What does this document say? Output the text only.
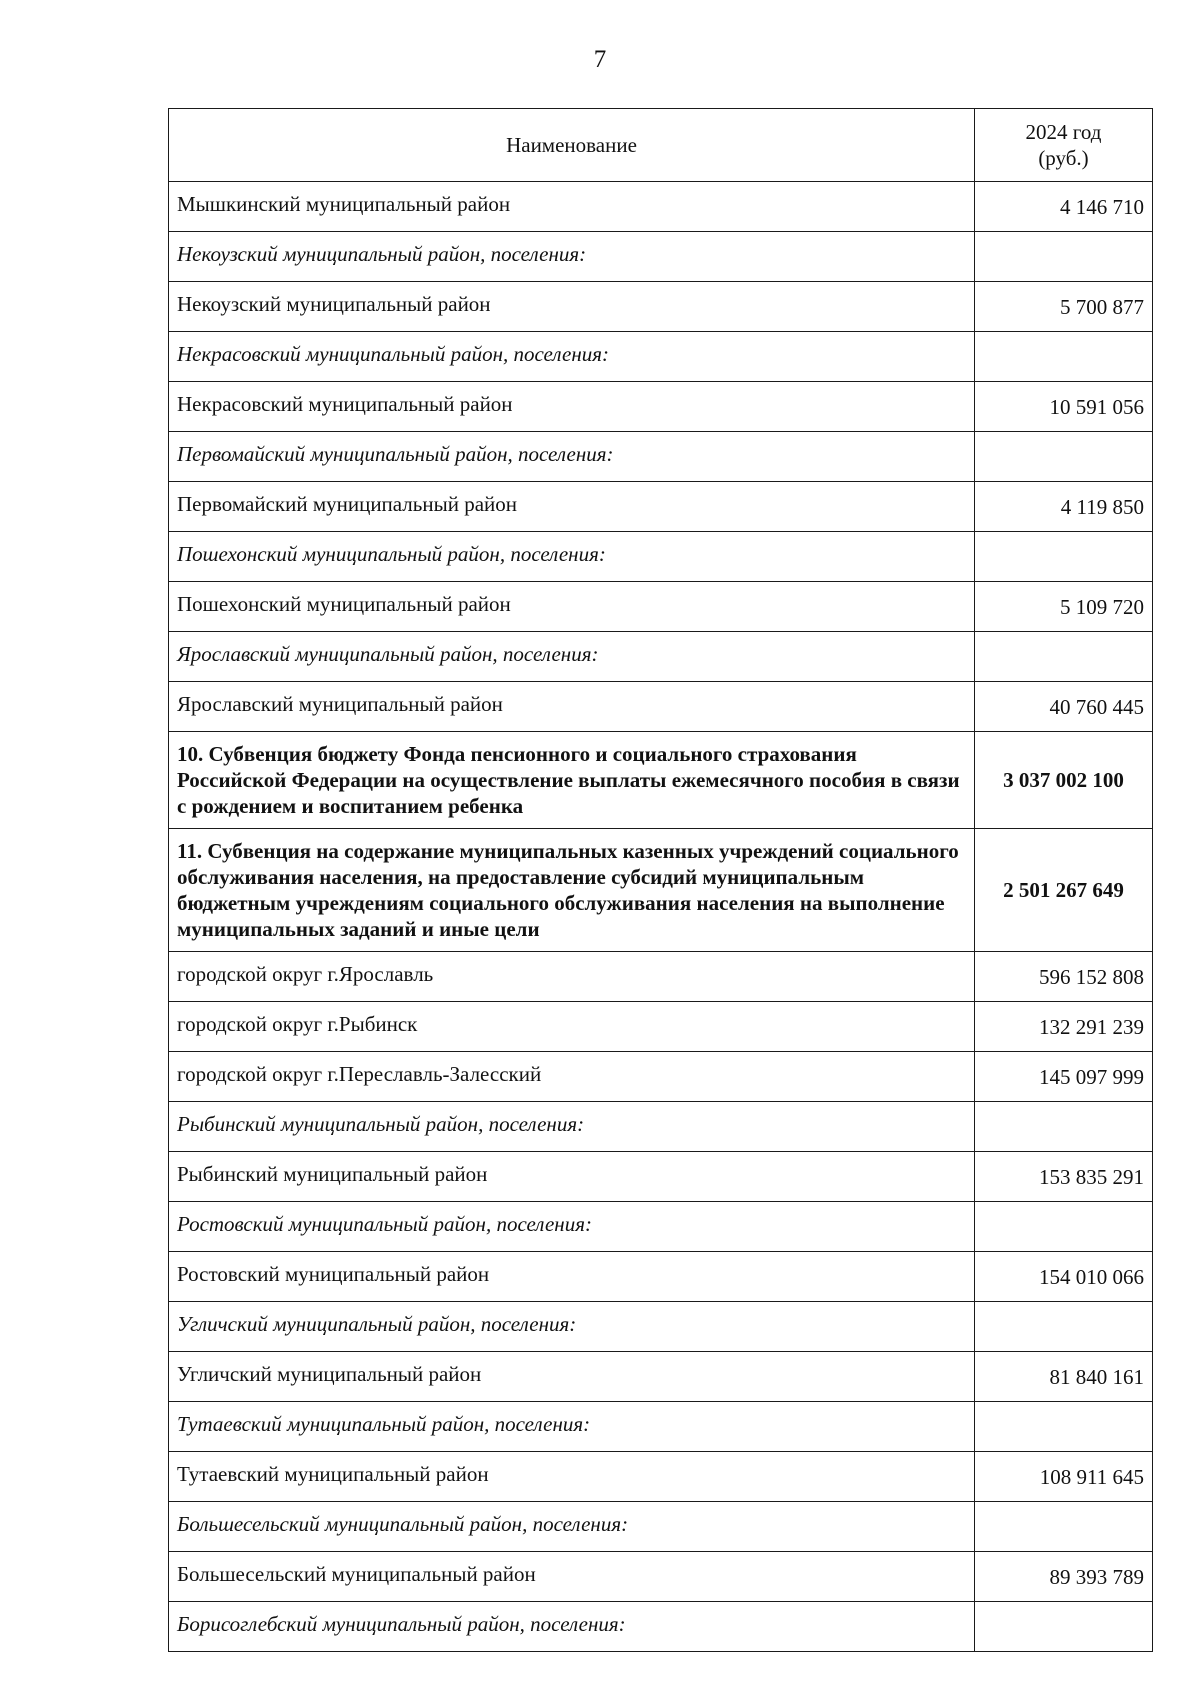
7
Наименование	2024 год
(руб.)
Мышкинский муниципальный район	4 146 710
Некоузский муниципальный район, поселения:	
Некоузский муниципальный район	5 700 877
Некрасовский муниципальный район, поселения:	
Некрасовский муниципальный район	10 591 056
Первомайский муниципальный район, поселения:	
Первомайский муниципальный район	4 119 850
Пошехонский муниципальный район, поселения:	
Пошехонский муниципальный район	5 109 720
Ярославский муниципальный район, поселения:	
Ярославский муниципальный район	40 760 445
10. Субвенция бюджету Фонда пенсионного и социального страхования Российской Федерации на осуществление выплаты ежемесячного пособия в связи с рождением и воспитанием ребенка	3 037 002 100
11. Субвенция на содержание муниципальных казенных учреждений социального обслуживания населения, на предоставление субсидий муниципальным бюджетным учреждениям социального обслуживания населения на выполнение муниципальных заданий и иные цели	2 501 267 649
городской округ г.Ярославль	596 152 808
городской округ г.Рыбинск	132 291 239
городской округ г.Переславль-Залесский	145 097 999
Рыбинский муниципальный район, поселения:	
Рыбинский муниципальный район	153 835 291
Ростовский муниципальный район, поселения:	
Ростовский муниципальный район	154 010 066
Угличский муниципальный район, поселения:	
Угличский муниципальный район	81 840 161
Тутаевский муниципальный район, поселения:	
Тутаевский муниципальный район	108 911 645
Большесельский муниципальный район, поселения:	
Большесельский муниципальный район	89 393 789
Борисоглебский муниципальный район, поселения:	
